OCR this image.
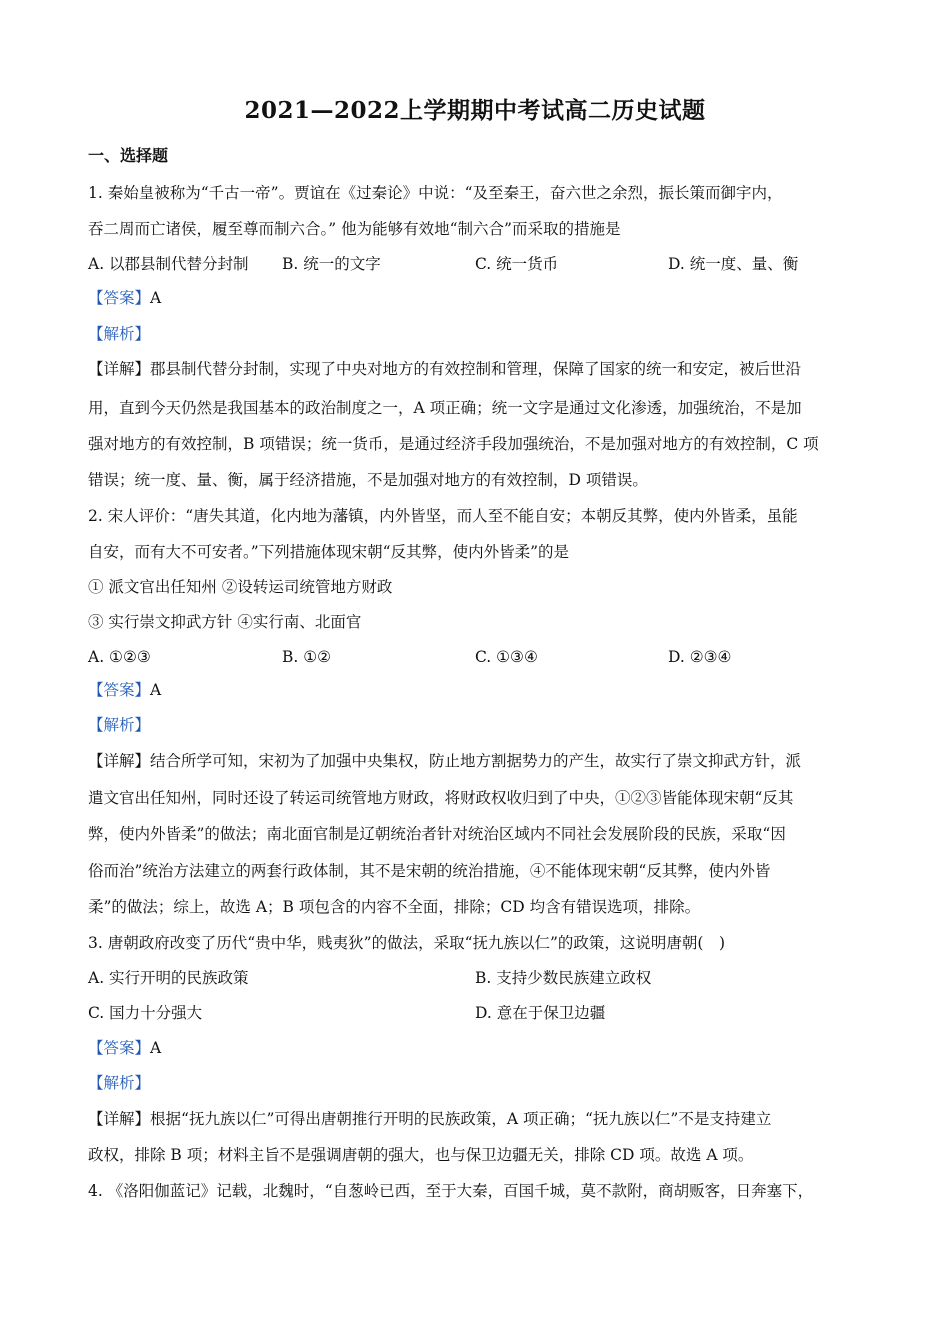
2021—2022上学期期中考试高二历史试题
一、选择题
1. 秦始皇被称为“千古一帝”。贾谊在《过秦论》中说：“及至秦王，奋六世之余烈，振长策而御宇内，
吞二周而亡诸侯，履至尊而制六合。” 他为能够有效地“制六合”而采取的措施是
A. 以郡县制代替分封制 B. 统一的文字	C. 统一货币	D. 统一度、量、衡
【答案】A
【解析】
【详解】郡县制代替分封制，实现了中央对地方的有效控制和管理，保障了国家的统一和安定，被后世沿
用，直到今天仍然是我国基本的政治制度之一，A 项正确；统一文字是通过文化渗透，加强统治，不是加
强对地方的有效控制，B 项错误；统一货币，是通过经济手段加强统治，不是加强对地方的有效控制，C 项
错误；统一度、量、衡，属于经济措施，不是加强对地方的有效控制，D 项错误。
2. 宋人评价：“唐失其道，化内地为藩镇，内外皆坚，而人至不能自安；本朝反其弊，使内外皆柔，虽能
自安，而有大不可安者。”下列措施体现宋朝“反其弊，使内外皆柔”的是
① 派文官出任知州 ②设转运司统管地方财政
③ 实行崇文抑武方针 ④实行南、北面官
A. ①②③	B. ①②	C. ①③④	D. ②③④
【答案】A
【解析】
【详解】结合所学可知，宋初为了加强中央集权，防止地方割据势力的产生，故实行了崇文抑武方针，派
遣文官出任知州，同时还设了转运司统管地方财政，将财政权收归到了中央，①②③皆能体现宋朝“反其
弊，使内外皆柔”的做法；南北面官制是辽朝统治者针对统治区域内不同社会发展阶段的民族，采取“因
俗而治”统治方法建立的两套行政体制，其不是宋朝的统治措施，④不能体现宋朝“反其弊，使内外皆
柔”的做法；综上，故选 A；B 项包含的内容不全面，排除；CD 均含有错误选项，排除。
3. 唐朝政府改变了历代“贵中华，贱夷狄”的做法，采取“抚九族以仁”的政策，这说明唐朝(　)
A. 实行开明的民族政策	B. 支持少数民族建立政权
C. 国力十分强大	D. 意在于保卫边疆
【答案】A
【解析】
【详解】根据“抚九族以仁”可得出唐朝推行开明的民族政策，A 项正确；“抚九族以仁”不是支持建立
政权，排除 B 项；材料主旨不是强调唐朝的强大，也与保卫边疆无关，排除 CD 项。故选 A 项。
4. 《洛阳伽蓝记》记载，北魏时，“自葱岭已西，至于大秦，百国千城，莫不款附，商胡贩客，日奔塞下，
